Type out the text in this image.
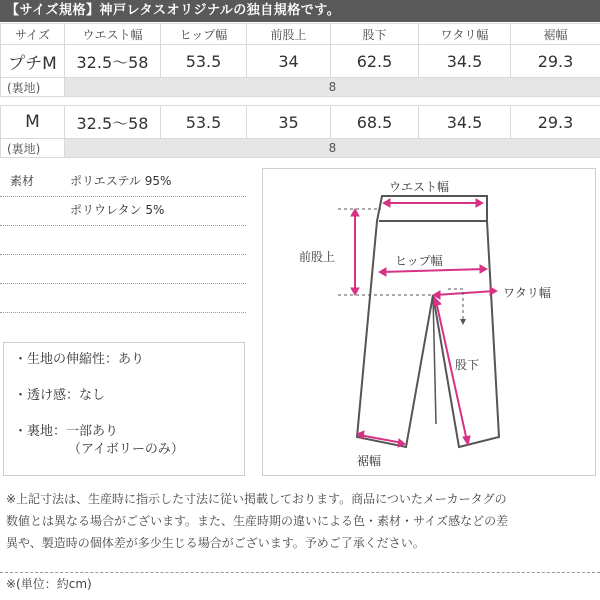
【サイズ規格】神戸レタスオリジナルの独自規格です。
サイズ	ウエスト幅	ヒップ幅	前股上	股下	ワタリ幅	裾幅
プチM	32.5〜58	53.5	34	62.5	34.5	29.3
(裏地)	8					

M	32.5〜58	53.5	35	68.5	34.5	29.3
(裏地)	8					
素材	ポリエステル 95%
ポリウレタン 5%
・生地の伸縮性：あり
・透け感：なし
・裏地：一部あり
（アイボリーのみ）
ウエスト幅
前股上	ヒップ幅
ワタリ幅
股下
裾幅
※上記寸法は、生産時に指示した寸法に従い掲載しております。商品についたメーカータグの
数値とは異なる場合がございます。また、生産時期の違いによる色・素材・サイズ感などの差
異や、製造時の個体差が多少生じる場合がございます。予めご了承ください。
※(単位：約cm)
